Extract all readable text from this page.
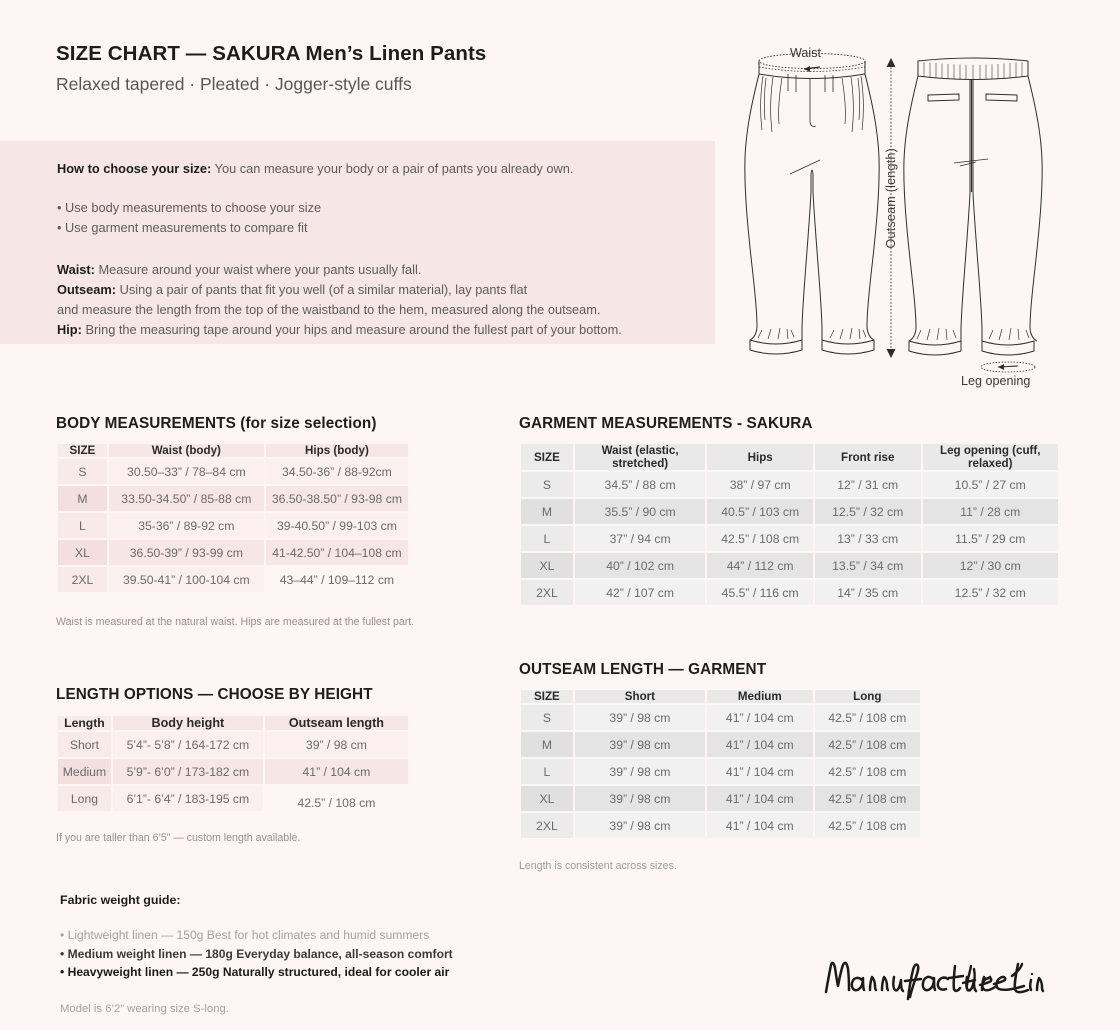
SIZE CHART — SAKURA Men’s Linen Pants
Relaxed tapered · Pleated · Jogger-style cuffs
How to choose your size: You can measure your body or a pair of pants you already own.
• Use body measurements to choose your size
• Use garment measurements to compare fit
Waist: Measure around your waist where your pants usually fall.
Outseam: Using a pair of pants that fit you well (of a similar material), lay pants flat
and measure the length from the top of the waistband to the hem, measured along the outseam.
Hip: Bring the measuring tape around your hips and measure around the fullest part of your bottom.
Waist
Outseam (length)
Leg opening
BODY MEASUREMENTS (for size selection)
SIZE	Waist (body)	Hips (body)
S	30.50–33” / 78–84 cm	34.50-36” / 88-92cm
M	33.50-34.50” / 85-88 cm	36.50-38.50” / 93-98 cm
L	35-36” / 89-92 cm	39-40.50” / 99-103 cm
XL	36.50-39” / 93-99 cm	41-42.50” / 104–108 cm
2XL	39.50-41” / 100-104 cm	43–44” / 109–112 cm
Waist is measured at the natural waist. Hips are measured at the fullest part.
GARMENT MEASUREMENTS - SAKURA
SIZE	Waist (elastic, stretched)	Hips	Front rise	Leg opening (cuff, relaxed)
S	34.5” / 88 cm	38” / 97 cm	12” / 31 cm	10.5” / 27 cm
M	35.5” / 90 cm	40.5” / 103 cm	12.5” / 32 cm	11” / 28 cm
L	37” / 94 cm	42.5” / 108 cm	13” / 33 cm	11.5” / 29 cm
XL	40” / 102 cm	44” / 112 cm	13.5” / 34 cm	12” / 30 cm
2XL	42” / 107 cm	45.5” / 116 cm	14” / 35 cm	12.5” / 32 cm
LENGTH OPTIONS — CHOOSE BY HEIGHT
Length	Body height	Outseam length
Short	5’4”- 5’8” / 164-172 cm	39” / 98 cm
Medium	5’9”- 6’0” / 173-182 cm	41” / 104 cm
Long	6’1”- 6’4” / 183-195 cm	42.5” / 108 cm
If you are taller than 6’5” — custom length available.
OUTSEAM LENGTH — GARMENT
SIZE	Short	Medium	Long
S	39” / 98 cm	41” / 104 cm	42.5” / 108 cm
M	39” / 98 cm	41” / 104 cm	42.5” / 108 cm
L	39” / 98 cm	41” / 104 cm	42.5” / 108 cm
XL	39” / 98 cm	41” / 104 cm	42.5” / 108 cm
2XL	39” / 98 cm	41” / 104 cm	42.5” / 108 cm
Length is consistent across sizes.
Fabric weight guide:
• Lightweight linen — 150g Best for hot climates and humid summers
• Medium weight linen — 180g Everyday balance, all-season comfort
• Heavyweight linen — 250g Naturally structured, ideal for cooler air
Model is 6’2” wearing size S-long.
